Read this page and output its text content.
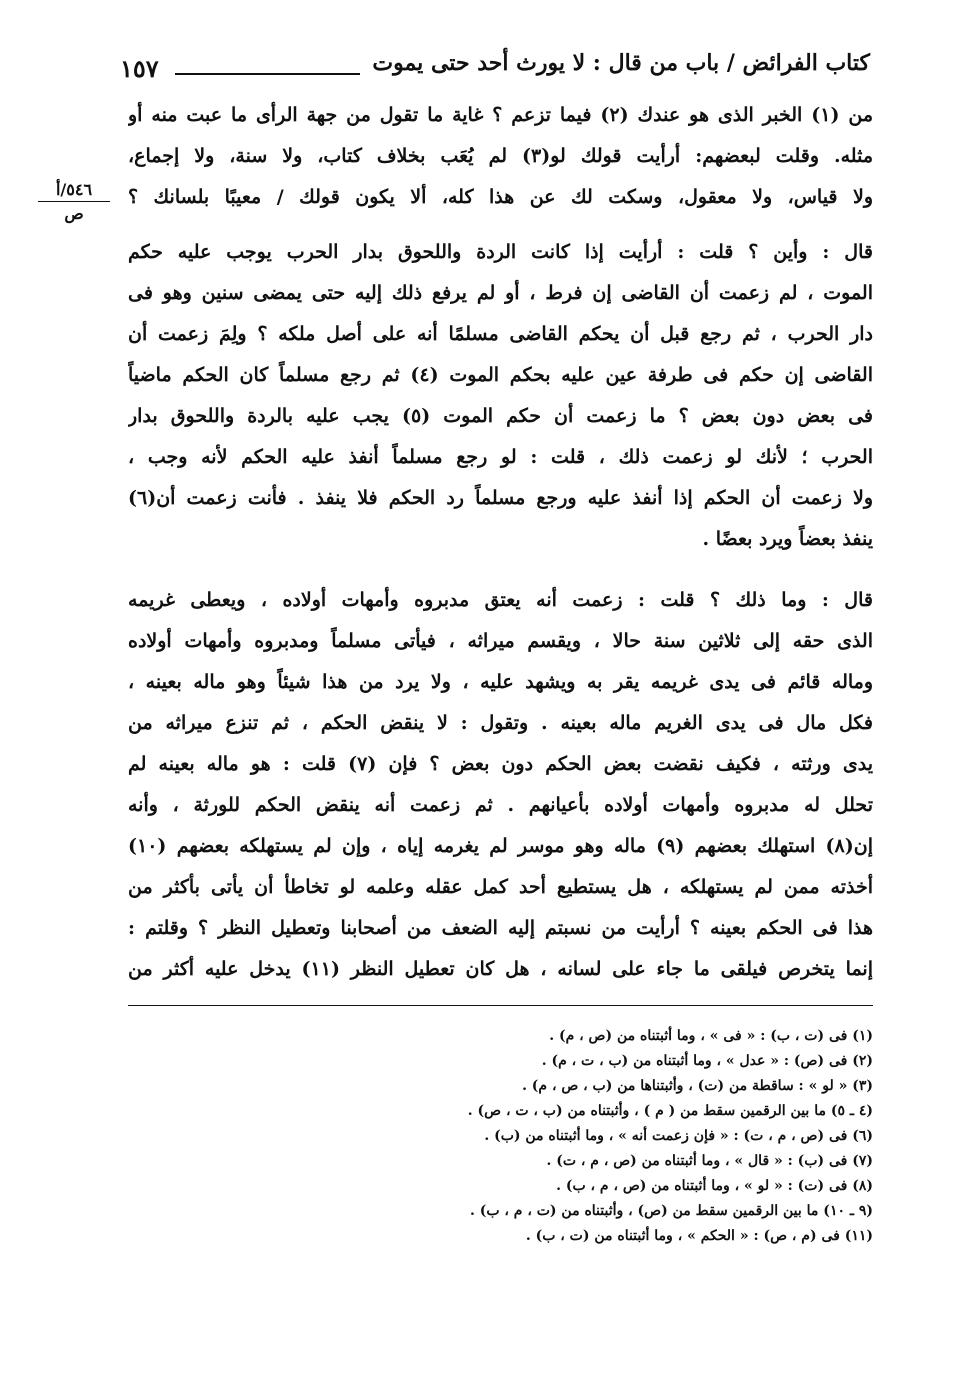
كتاب الفرائض / باب من قال : لا يورث أحد حتى يموت
١٥٧
٥٤٦/أ
ص
من (١) الخبر الذى هو عندك (٢) فيما تزعم ؟ غاية ما تقول من جهة الرأى ما عبت منه أو
مثله. وقلت لبعضهم: أرأيت قولك لو(٣) لم يُعَب بخلاف كتاب، ولا سنة، ولا إجماع،
ولا قياس، ولا معقول، وسكت لك عن هذا كله، ألا يكون قولك / معيبًا بلسانك ؟
قال : وأين ؟ قلت : أرأيت إذا كانت الردة واللحوق بدار الحرب يوجب عليه حكم
الموت ، لم زعمت أن القاضى إن فرط ، أو لم يرفع ذلك إليه حتى يمضى سنين وهو فى
دار الحرب ، ثم رجع قبل أن يحكم القاضى مسلمًا أنه على أصل ملكه ؟ ولِمَ زعمت أن
القاضى إن حكم فى طرفة عين عليه بحكم الموت (٤) ثم رجع مسلماً كان الحكم ماضياً
فى بعض دون بعض ؟ ما زعمت أن حكم الموت (٥) يجب عليه بالردة واللحوق بدار
الحرب ؛ لأنك لو زعمت ذلك ، قلت : لو رجع مسلماً أنفذ عليه الحكم لأنه وجب ،
ولا زعمت أن الحكم إذا أنفذ عليه ورجع مسلماً رد الحكم فلا ينفذ . فأنت زعمت أن(٦)
ينفذ بعضاً ويرد بعضًا .
قال : وما ذلك ؟ قلت : زعمت أنه يعتق مدبروه وأمهات أولاده ، ويعطى غريمه
الذى حقه إلى ثلاثين سنة حالا ، ويقسم ميراثه ، فيأتى مسلماً ومدبروه وأمهات أولاده
وماله قائم فى يدى غريمه يقر به ويشهد عليه ، ولا يرد من هذا شيئاً وهو ماله بعينه ،
فكل مال فى يدى الغريم ماله بعينه . وتقول : لا ينقض الحكم ، ثم تنزع ميراثه من
يدى ورثته ، فكيف نقضت بعض الحكم دون بعض ؟ فإن (٧) قلت : هو ماله بعينه لم
تحلل له مدبروه وأمهات أولاده بأعيانهم . ثم زعمت أنه ينقض الحكم للورثة ، وأنه
إن(٨) استهلك بعضهم (٩) ماله وهو موسر لم يغرمه إياه ، وإن لم يستهلكه بعضهم (١٠)
أخذته ممن لم يستهلكه ، هل يستطيع أحد كمل عقله وعلمه لو تخاطأ أن يأتى بأكثر من
هذا فى الحكم بعينه ؟ أرأيت من نسبتم إليه الضعف من أصحابنا وتعطيل النظر ؟ وقلتم :
إنما يتخرص فيلقى ما جاء على لسانه ، هل كان تعطيل النظر (١١) يدخل عليه أكثر من
(١) فى (ت ، ب) : « فى » ، وما أثبتناه من (ص ، م) .
(٢) فى (ص) : « عدل » ، وما أثبتناه من (ب ، ت ، م) .
(٣) « لو » : ساقطة من (ت) ، وأثبتناها من (ب ، ص ، م) .
(٤ ـ ٥) ما بين الرقمين سقط من ( م ) ، وأثبتناه من (ب ، ت ، ص) .
(٦) فى (ص ، م ، ت) : « فإن زعمت أنه » ، وما أثبتناه من (ب) .
(٧) فى (ب) : « قال » ، وما أثبتناه من (ص ، م ، ت) .
(٨) فى (ت) : « لو » ، وما أثبتناه من (ص ، م ، ب) .
(٩ ـ ١٠) ما بين الرقمين سقط من (ص) ، وأثبتناه من (ت ، م ، ب) .
(١١) فى (م ، ص) : « الحكم » ، وما أثبتناه من (ت ، ب) .
